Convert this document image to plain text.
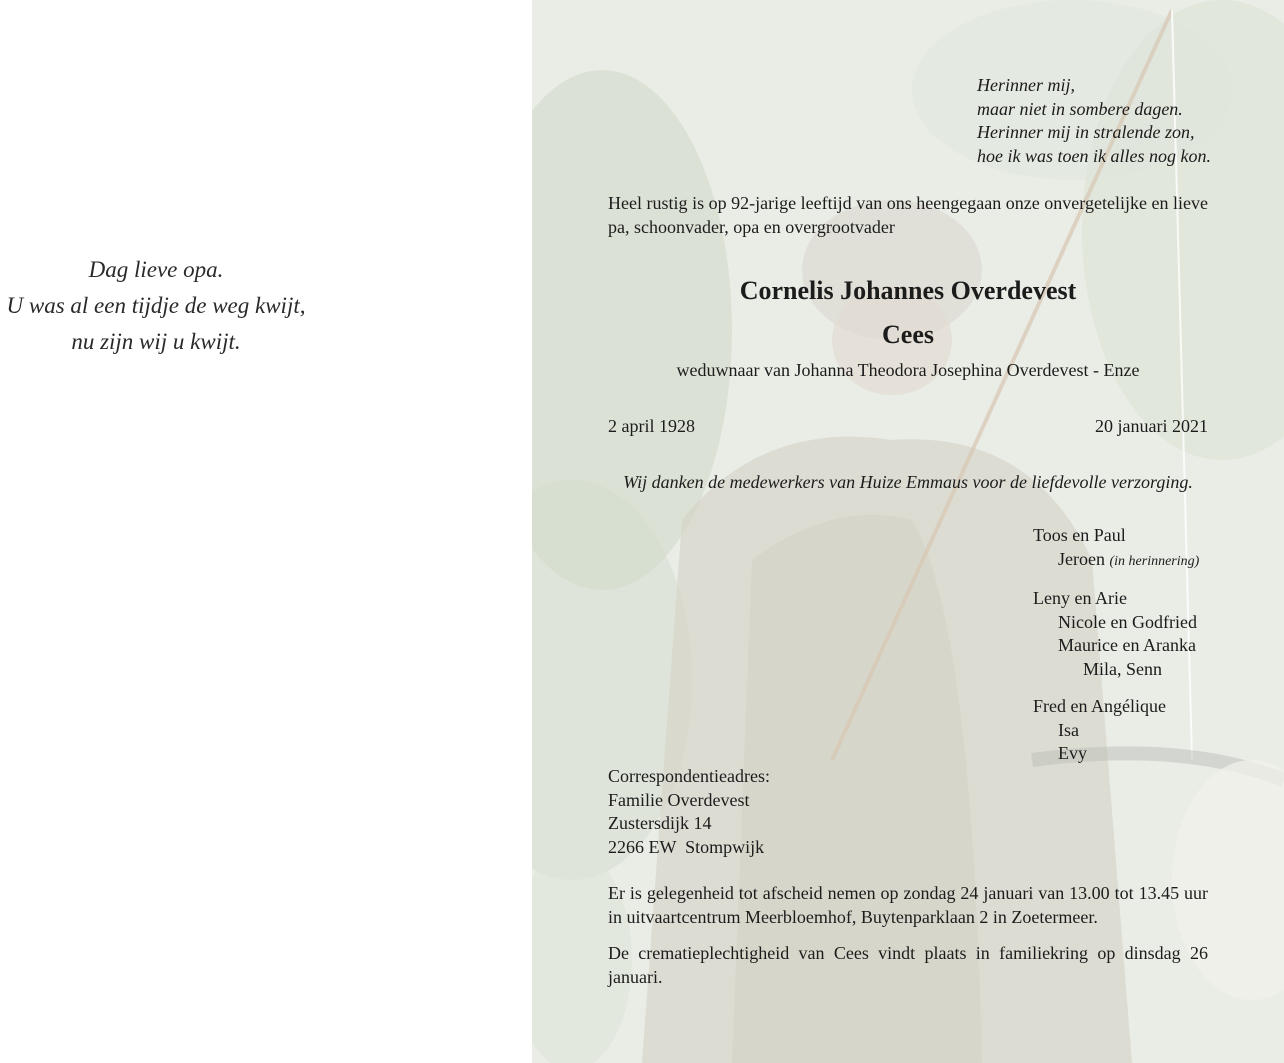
Dag lieve opa.
U was al een tijdje de weg kwijt,
nu zijn wij u kwijt.
Herinner mij,
maar niet in sombere dagen.
Herinner mij in stralende zon,
hoe ik was toen ik alles nog kon.
Heel rustig is op 92-jarige leeftijd van ons heengegaan onze onvergetelijke en lieve pa, schoonvader, opa en overgrootvader
Cornelis Johannes Overdevest
Cees
weduwnaar van Johanna Theodora Josephina Overdevest - Enze
2 april 1928	20 januari 2021
Wij danken de medewerkers van Huize Emmaus voor de liefdevolle verzorging.
Toos en Paul
Jeroen (in herinnering)
Leny en Arie
Nicole en Godfried
Maurice en Aranka
Mila, Senn
Fred en Angélique
Isa
Evy
Correspondentieadres:
Familie Overdevest
Zustersdijk 14
2266 EW  Stompwijk
Er is gelegenheid tot afscheid nemen op zondag 24 januari van 13.00 tot 13.45 uur in uitvaartcentrum Meerbloemhof, Buytenparklaan 2 in Zoetermeer.
De crematieplechtigheid van Cees vindt plaats in familiekring op dinsdag 26 januari.
